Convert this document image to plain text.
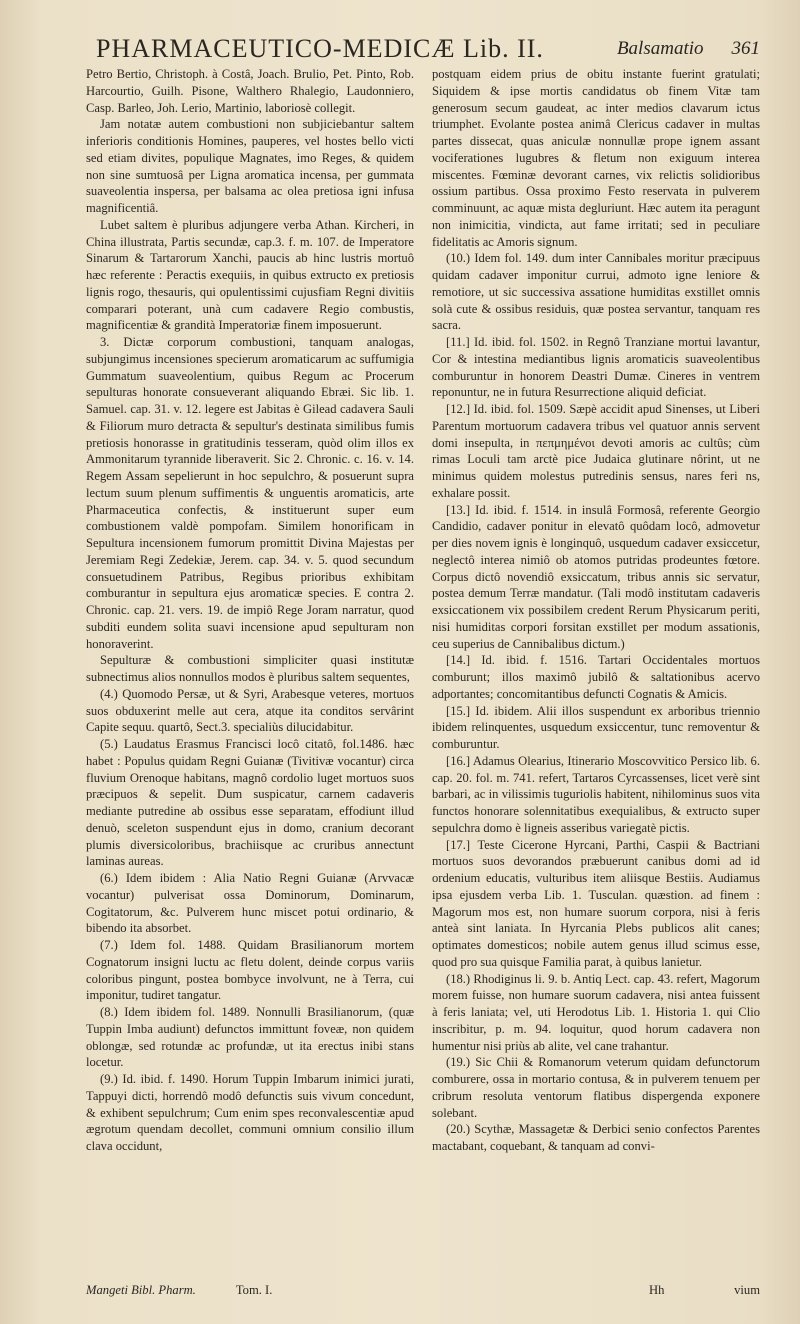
PHARMACEUTICO-MEDICÆ Lib. II.	Balsamatio 361

Petro Bertio, Christoph. à Costâ, Joach. Brulio, Pet. Pinto, Rob. Harcourtio, Guilh. Pisone, Walthero Rhalegio, Laudonniero, Casp. Barleo, Joh. Lerio, Martinio, laboriosè collegit.

Jam notatæ autem combustioni non subjiciebantur saltem inferioris conditionis Homines, pauperes, vel hostes bello victi sed etiam divites, populique Magnates, imo Reges, & quidem non sine sumtuosâ per Ligna aromatica incensa, per gummata suaveolentia inspersa, per balsama ac olea pretiosa igni infusa magnificentiâ.

Lubet saltem è pluribus adjungere verba Athan. Kircheri, in China illustrata, Partis secundæ, cap.3. f. m. 107. de Imperatore Sinarum & Tartarorum Xanchi, paucis ab hinc lustris mortuô hæc referente : Peractis exequiis, in quibus extructo ex pretiosis lignis rogo, thesauris, qui opulentissimi cujusfiam Regni divitiis comparari poterant, unà cum cadavere Regio combustis, magnificentiæ & grandità Imperatoriæ finem imposuerunt.

3. Dictæ corporum combustioni, tanquam analogas, subjungimus incensiones specierum aromaticarum ac suffumigia Gummatum suaveolentium, quibus Regum ac Procerum sepulturas honorate consueverant aliquando Ebræi. Sic lib. 1. Samuel. cap. 31. v. 12. legere est Jabitas è Gilead cadavera Sauli & Filiorum muro detracta & sepultur's destinata similibus fumis pretiosis honorasse in gratitudinis tesseram, quòd olim illos ex Ammonitarum tyrannide liberaverit. Sic 2. Chronic. c. 16. v. 14. Regem Assam sepelierunt in hoc sepulchro, & posuerunt supra lectum suum plenum suffimentis & unguentis aromaticis, arte Pharmaceutica confectis, & instituerunt super eum combustionem valdè pompofam. Similem honorificam in Sepultura incensionem fumorum promittit Divina Majestas per Jeremiam Regi Zedekiæ, Jerem. cap. 34. v. 5. quod secundum consuetudinem Patribus, Regibus prioribus exhibitam comburantur in sepultura ejus aromaticæ species. E contra 2. Chronic. cap. 21. vers. 19. de impiô Rege Joram narratur, quod subditi eundem solita suavi incensione apud sepulturam non honoraverint.

Sepulturæ & combustioni simpliciter quasi institutæ subnectimus alios nonnullos modos è pluribus saltem sequentes,

(4.) Quomodo Persæ, ut & Syri, Arabesque veteres, mortuos suos obduxerint melle aut cera, atque ita conditos servârint Capite sequu. quartô, Sect.3. specialiùs dilucidabitur.

(5.) Laudatus Erasmus Francisci locô citatô, fol.1486. hæc habet : Populus quidam Regni Guianæ (Tivitivæ vocantur) circa fluvium Orenoque habitans, magnô cordolio luget mortuos suos præcipuos & sepelit. Dum suspicatur, carnem cadaveris mediante putredine ab ossibus esse separatam, effodiunt illud denuò, sceleton suspendunt ejus in domo, cranium decorant plumis diversicoloribus, brachiisque ac cruribus annectunt laminas aureas.

(6.) Idem ibidem : Alia Natio Regni Guianæ (Arvvacæ vocantur) pulverisat ossa Dominorum, Dominarum, Cogitatorum, &c. Pulverem hunc miscet potui ordinario, & bibendo ita absorbet.

(7.) Idem fol. 1488. Quidam Brasilianorum mortem Cognatorum insigni luctu ac fletu dolent, deinde corpus variis coloribus pingunt, postea bombyce involvunt, ne à Terra, cui imponitur, tudiret tangatur.

(8.) Idem ibidem fol. 1489. Nonnulli Brasilianorum, (quæ Tuppin Imba audiunt) defunctos immittunt foveæ, non quidem oblongæ, sed rotundæ ac profundæ, ut ita erectus inibi stans locetur.

(9.) Id. ibid. f. 1490. Horum Tuppin Imbarum inimici jurati, Tappuyi dicti, horrendô modô defunctis suis vivum concedunt, & exhibent sepulchrum; Cum enim spes reconvalescentiæ apud ægrotum quendam decollet, communi omnium consilio illum clava occidunt,

postquam eidem prius de obitu instante fuerint gratulati; Siquidem & ipse mortis candidatus ob finem Vitæ tam generosum secum gaudeat, ac inter medios clavarum ictus triumphet. Evolante postea animâ Clericus cadaver in multas partes dissecat, quas aniculæ nonnullæ prope ignem assant vociferationes lugubres & fletum non exiguum interea miscentes. Fœminæ devorant carnes, vix relictis solidioribus ossium partibus. Ossa proximo Festo reservata in pulverem comminuunt, ac aquæ mista degluriunt. Hæc autem ita peragunt non inimicitia, vindicta, aut fame irritati; sed in peculiare fidelitatis ac Amoris signum.

(10.) Idem fol. 149. dum inter Cannibales moritur præcipuus quidam cadaver imponitur currui, admoto igne leniore & remotiore, ut sic successiva assatione humiditas exstillet omnis solà cute & ossibus residuis, quæ postea servantur, tanquam res sacra.

[11.] Id. ibid. fol. 1502. in Regnô Tranziane mortui lavantur, Cor & intestina mediantibus lignis aromaticis suaveolentibus comburuntur in honorem Deastri Dumæ. Cineres in ventrem reponuntur, ne in futura Resurrectione aliquid deficiat.

[12.] Id. ibid. fol. 1509. Sæpè accidit apud Sinenses, ut Liberi Parentum mortuorum cadavera tribus vel quatuor annis servent domi insepulta, in πεπμημένοι devoti amoris ac cultûs; cùm rimas Loculi tam arctè pice Judaica glutinare nôrint, ut ne minimus quidem molestus putredinis sensus, nares feri ns, exhalare possit.

[13.] Id. ibid. f. 1514. in insulâ Formosâ, referente Georgio Candidio, cadaver ponitur in elevatô quôdam locô, admovetur per dies novem ignis è longinquô, usquedum cadaver exsiccetur, neglectô interea nimiô ob atomos putridas prodeuntes fœtore. Corpus dictô novendiô exsiccatum, tribus annis sic servatur, postea demum Terræ mandatur. (Tali modô institutam cadaveris exsiccationem vix possibilem credent Rerum Physicarum periti, nisi humiditas corpori forsitan exstillet per modum assationis, ceu superius de Cannibalibus dictum.)

[14.] Id. ibid. f. 1516. Tartari Occidentales mortuos comburunt; illos maximô jubilô & saltationibus acervo adportantes; concomitantibus defuncti Cognatis & Amicis.

[15.] Id. ibidem. Alii illos suspendunt ex arboribus triennio ibidem relinquentes, usquedum exsiccentur, tunc removentur & comburuntur.

[16.] Adamus Olearius, Itinerario Moscovvitico Persico lib. 6. cap. 20. fol. m. 741. refert, Tartaros Cyrcassenses, licet verè sint barbari, ac in vilissimis tuguriolis habitent, nihilominus suos vita functos honorare solennitatibus exequialibus, & extructo super sepulchra domo è ligneis asseribus variegatè pictis.

[17.] Teste Cicerone Hyrcani, Parthi, Caspii & Bactriani mortuos suos devorandos præbuerunt canibus domi ad id ordenium educatis, vulturibus item aliisque Bestiis. Audiamus ipsa ejusdem verba Lib. 1. Tusculan. quæstion. ad finem : Magorum mos est, non humare suorum corpora, nisi à feris anteà sint laniata. In Hyrcania Plebs publicos alit canes; optimates domesticos; nobile autem genus illud scimus esse, quod pro sua quisque Familia parat, à quibus lanietur.

(18.) Rhodiginus li. 9. b. Antiq Lect. cap. 43. refert, Magorum morem fuisse, non humare suorum cadavera, nisi antea fuissent à feris laniata; vel, uti Herodotus Lib. 1. Historia 1. qui Clio inscribitur, p. m. 94. loquitur, quod horum cadavera non humentur nisi priùs ab alite, vel cane trahantur.

(19.) Sic Chii & Romanorum veterum quidam defunctorum comburere, ossa in mortario contusa, & in pulverem tenuem per cribrum resoluta ventorum flatibus dispergenda exponere solebant.

(20.) Scythæ, Massagetæ & Derbici senio confectos Parentes mactabant, coquebant, & tanquam ad convi-

Mangeti Bibl. Pharm.	Tom. I.	Hh	vium
